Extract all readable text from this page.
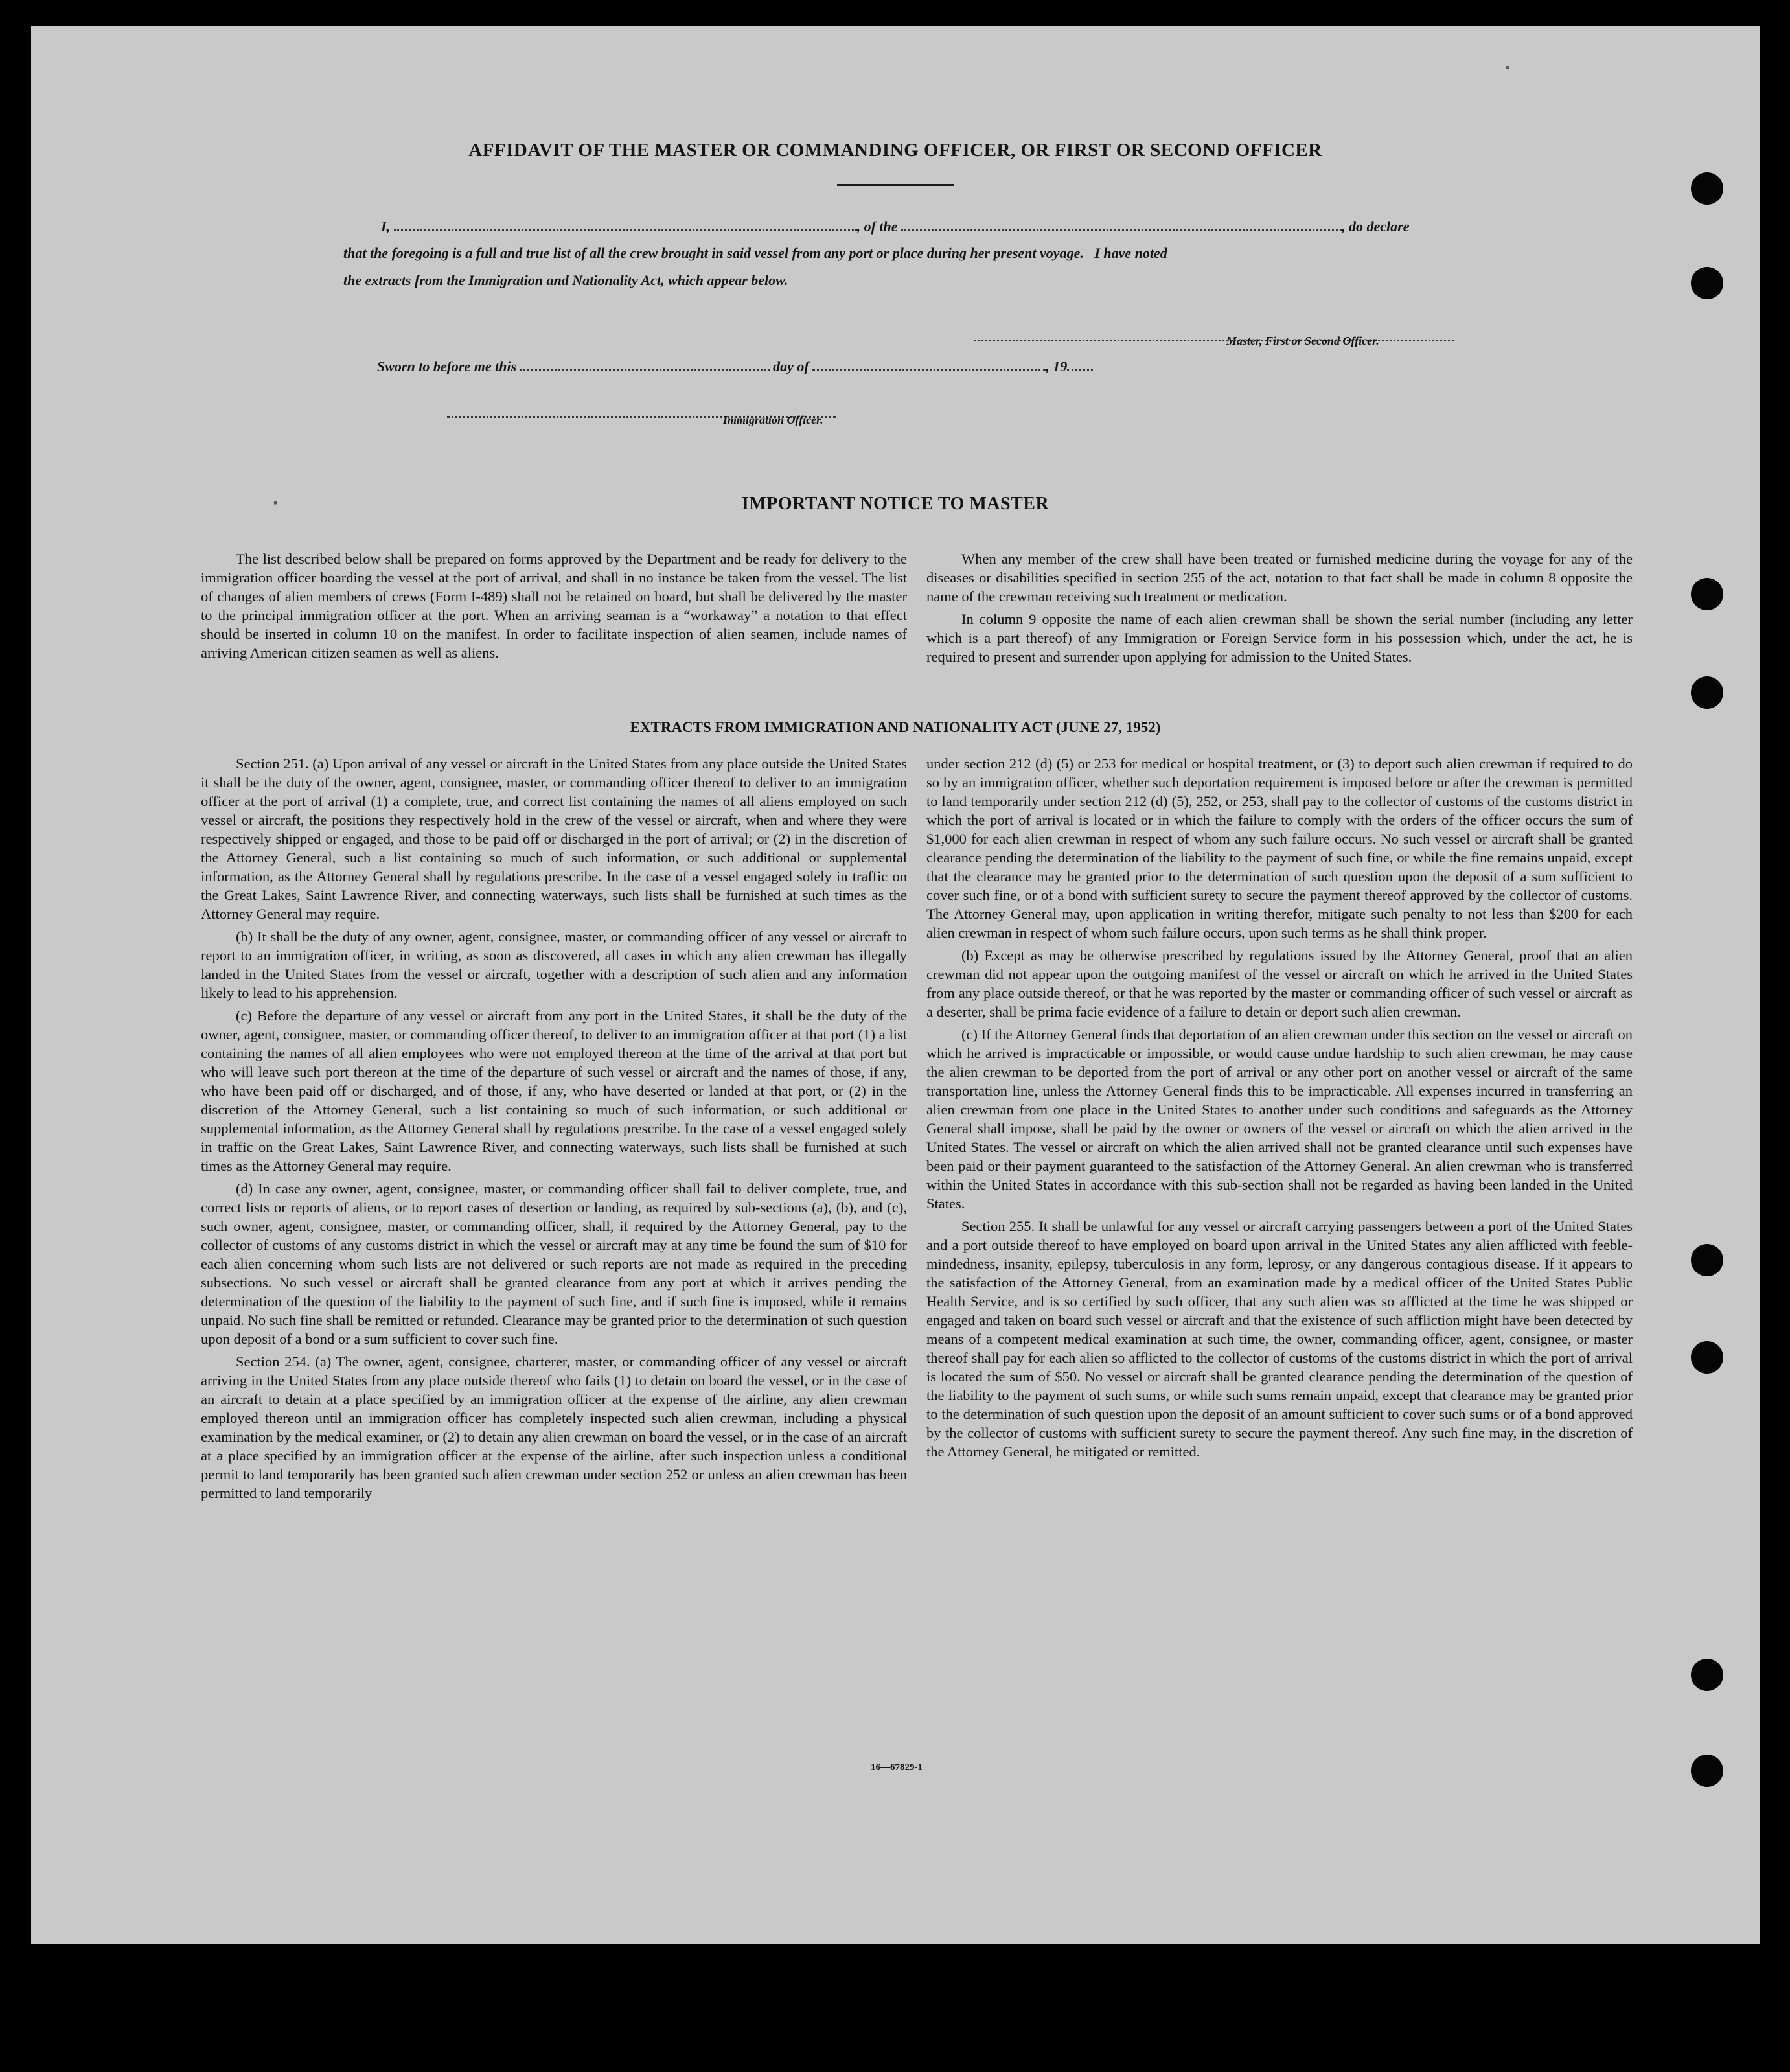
AFFIDAVIT OF THE MASTER OR COMMANDING OFFICER, OR FIRST OR SECOND OFFICER
I,	, of the	, do declare
that the foregoing is a full and true list of all the crew brought in said vessel from any port or place during her present voyage.   I have noted
the extracts from the Immigration and Nationality Act, which appear below.
Master, First or Second Officer.
Sworn to before me this	day of	, 19
Immigration Officer.
IMPORTANT NOTICE TO MASTER

The list described below shall be prepared on forms approved by the Department and be ready for delivery to the immigration officer boarding the vessel at the port of arrival, and shall in no instance be taken from the vessel. The list of changes of alien members of crews (Form I-489) shall not be retained on board, but shall be delivered by the master to the principal immigration officer at the port. When an arriving seaman is a “workaway” a notation to that effect should be inserted in column 10 on the manifest. In order to facilitate inspection of alien seamen, include names of arriving American citizen seamen as well as aliens.

When any member of the crew shall have been treated or furnished medicine during the voyage for any of the diseases or disabilities specified in section 255 of the act, notation to that fact shall be made in column 8 opposite the name of the crewman receiving such treatment or medication.

In column 9 opposite the name of each alien crewman shall be shown the serial number (including any letter which is a part thereof) of any Immigration or Foreign Service form in his possession which, under the act, he is required to present and surrender upon applying for admission to the United States.

EXTRACTS FROM IMMIGRATION AND NATIONALITY ACT (JUNE 27, 1952)

Section 251. (a) Upon arrival of any vessel or aircraft in the United States from any place outside the United States it shall be the duty of the owner, agent, consignee, master, or commanding officer thereof to deliver to an immigration officer at the port of arrival (1) a complete, true, and correct list containing the names of all aliens employed on such vessel or aircraft, the positions they respectively hold in the crew of the vessel or aircraft, when and where they were respectively shipped or engaged, and those to be paid off or discharged in the port of arrival; or (2) in the discretion of the Attorney General, such a list containing so much of such information, or such additional or supplemental information, as the Attorney General shall by regulations prescribe. In the case of a vessel engaged solely in traffic on the Great Lakes, Saint Lawrence River, and connecting waterways, such lists shall be furnished at such times as the Attorney General may require.

(b) It shall be the duty of any owner, agent, consignee, master, or commanding officer of any vessel or aircraft to report to an immigration officer, in writing, as soon as discovered, all cases in which any alien crewman has illegally landed in the United States from the vessel or aircraft, together with a description of such alien and any information likely to lead to his apprehension.

(c) Before the departure of any vessel or aircraft from any port in the United States, it shall be the duty of the owner, agent, consignee, master, or commanding officer thereof, to deliver to an immigration officer at that port (1) a list containing the names of all alien employees who were not employed thereon at the time of the arrival at that port but who will leave such port thereon at the time of the departure of such vessel or aircraft and the names of those, if any, who have been paid off or discharged, and of those, if any, who have deserted or landed at that port, or (2) in the discretion of the Attorney General, such a list containing so much of such information, or such additional or supplemental information, as the Attorney General shall by regulations prescribe. In the case of a vessel engaged solely in traffic on the Great Lakes, Saint Lawrence River, and connecting waterways, such lists shall be furnished at such times as the Attorney General may require.

(d) In case any owner, agent, consignee, master, or commanding officer shall fail to deliver complete, true, and correct lists or reports of aliens, or to report cases of desertion or landing, as required by sub-sections (a), (b), and (c), such owner, agent, consignee, master, or commanding officer, shall, if required by the Attorney General, pay to the collector of customs of any customs district in which the vessel or aircraft may at any time be found the sum of $10 for each alien concerning whom such lists are not delivered or such reports are not made as required in the preceding subsections. No such vessel or aircraft shall be granted clearance from any port at which it arrives pending the determination of the question of the liability to the payment of such fine, and if such fine is imposed, while it remains unpaid. No such fine shall be remitted or refunded. Clearance may be granted prior to the determination of such question upon deposit of a bond or a sum sufficient to cover such fine.

Section 254. (a) The owner, agent, consignee, charterer, master, or commanding officer of any vessel or aircraft arriving in the United States from any place outside thereof who fails (1) to detain on board the vessel, or in the case of an aircraft to detain at a place specified by an immigration officer at the expense of the airline, any alien crewman employed thereon until an immigration officer has completely inspected such alien crewman, including a physical examination by the medical examiner, or (2) to detain any alien crewman on board the vessel, or in the case of an aircraft at a place specified by an immigration officer at the expense of the airline, after such inspection unless a conditional permit to land temporarily has been granted such alien crewman under section 252 or unless an alien crewman has been permitted to land temporarily

under section 212 (d) (5) or 253 for medical or hospital treatment, or (3) to deport such alien crewman if required to do so by an immigration officer, whether such deportation requirement is imposed before or after the crewman is permitted to land temporarily under section 212 (d) (5), 252, or 253, shall pay to the collector of customs of the customs district in which the port of arrival is located or in which the failure to comply with the orders of the officer occurs the sum of $1,000 for each alien crewman in respect of whom any such failure occurs. No such vessel or aircraft shall be granted clearance pending the determination of the liability to the payment of such fine, or while the fine remains unpaid, except that the clearance may be granted prior to the determination of such question upon the deposit of a sum sufficient to cover such fine, or of a bond with sufficient surety to secure the payment thereof approved by the collector of customs. The Attorney General may, upon application in writing therefor, mitigate such penalty to not less than $200 for each alien crewman in respect of whom such failure occurs, upon such terms as he shall think proper.

(b) Except as may be otherwise prescribed by regulations issued by the Attorney General, proof that an alien crewman did not appear upon the outgoing manifest of the vessel or aircraft on which he arrived in the United States from any place outside thereof, or that he was reported by the master or commanding officer of such vessel or aircraft as a deserter, shall be prima facie evidence of a failure to detain or deport such alien crewman.

(c) If the Attorney General finds that deportation of an alien crewman under this section on the vessel or aircraft on which he arrived is impracticable or impossible, or would cause undue hardship to such alien crewman, he may cause the alien crewman to be deported from the port of arrival or any other port on another vessel or aircraft of the same transportation line, unless the Attorney General finds this to be impracticable. All expenses incurred in transferring an alien crewman from one place in the United States to another under such conditions and safeguards as the Attorney General shall impose, shall be paid by the owner or owners of the vessel or aircraft on which the alien arrived in the United States. The vessel or aircraft on which the alien arrived shall not be granted clearance until such expenses have been paid or their payment guaranteed to the satisfaction of the Attorney General. An alien crewman who is transferred within the United States in accordance with this sub-section shall not be regarded as having been landed in the United States.

Section 255. It shall be unlawful for any vessel or aircraft carrying passengers between a port of the United States and a port outside thereof to have employed on board upon arrival in the United States any alien afflicted with feeble-mindedness, insanity, epilepsy, tuberculosis in any form, leprosy, or any dangerous contagious disease. If it appears to the satisfaction of the Attorney General, from an examination made by a medical officer of the United States Public Health Service, and is so certified by such officer, that any such alien was so afflicted at the time he was shipped or engaged and taken on board such vessel or aircraft and that the existence of such affliction might have been detected by means of a competent medical examination at such time, the owner, commanding officer, agent, consignee, or master thereof shall pay for each alien so afflicted to the collector of customs of the customs district in which the port of arrival is located the sum of $50. No vessel or aircraft shall be granted clearance pending the determination of the question of the liability to the payment of such sums, or while such sums remain unpaid, except that clearance may be granted prior to the determination of such question upon the deposit of an amount sufficient to cover such sums or of a bond approved by the collector of customs with sufficient surety to secure the payment thereof. Any such fine may, in the discretion of the Attorney General, be mitigated or remitted.

16—67829-1
▪
▪
